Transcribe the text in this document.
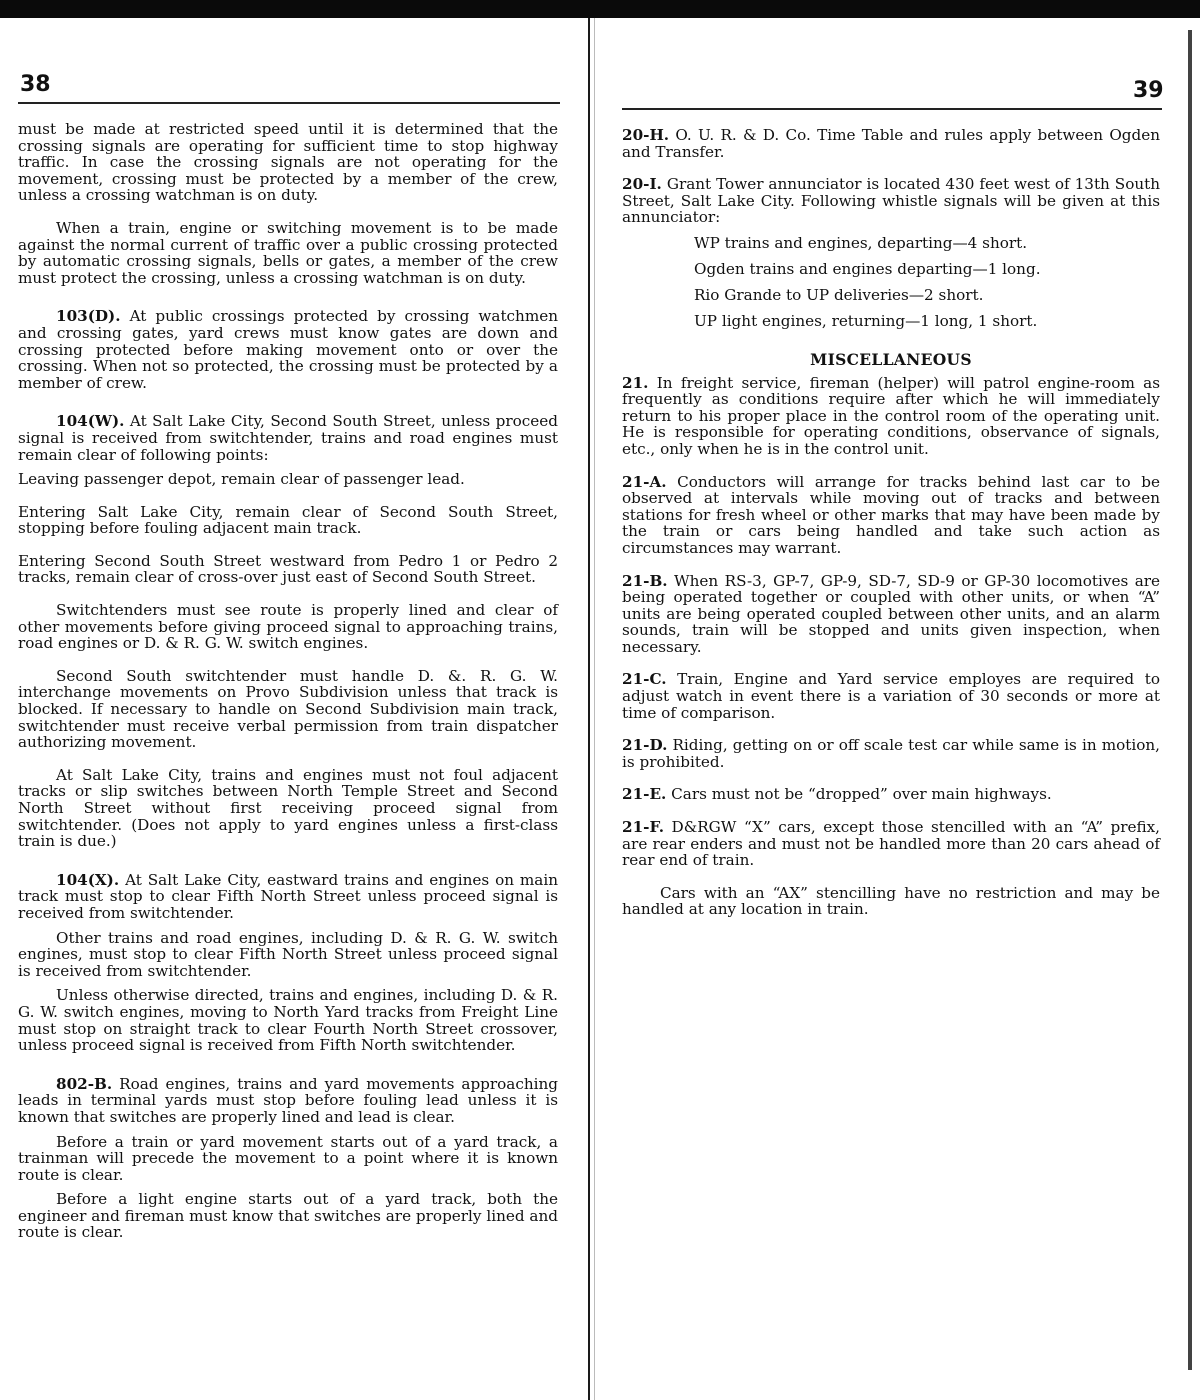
38

must be made at restricted speed until it is determined that the crossing signals are operating for sufficient time to stop highway traffic. In case the crossing signals are not operating for the movement, crossing must be protected by a member of the crew, unless a crossing watchman is on duty.

When a train, engine or switching movement is to be made against the normal current of traffic over a public crossing protected by automatic crossing signals, bells or gates, a member of the crew must protect the crossing, unless a crossing watchman is on duty.

103(D). At public crossings protected by crossing watchmen and crossing gates, yard crews must know gates are down and crossing protected before making movement onto or over the crossing. When not so protected, the crossing must be protected by a member of crew.

104(W). At Salt Lake City, Second South Street, unless proceed signal is received from switchtender, trains and road engines must remain clear of following points:

Leaving passenger depot, remain clear of passenger lead.

Entering Salt Lake City, remain clear of Second South Street, stopping before fouling adjacent main track.

Entering Second South Street westward from Pedro 1 or Pedro 2 tracks, remain clear of cross-over just east of Second South Street.

Switchtenders must see route is properly lined and clear of other movements before giving proceed signal to approaching trains, road engines or D. & R. G. W. switch engines.

Second South switchtender must handle D. &. R. G. W. interchange movements on Provo Subdivision unless that track is blocked. If necessary to handle on Second Subdivision main track, switchtender must receive verbal permission from train dispatcher authorizing movement.

At Salt Lake City, trains and engines must not foul adjacent tracks or slip switches between North Temple Street and Second North Street without first receiving proceed signal from switchtender. (Does not apply to yard engines unless a first-class train is due.)

104(X). At Salt Lake City, eastward trains and engines on main track must stop to clear Fifth North Street unless proceed signal is received from switchtender.

Other trains and road engines, including D. & R. G. W. switch engines, must stop to clear Fifth North Street unless proceed signal is received from switchtender.

Unless otherwise directed, trains and engines, including D. & R. G. W. switch engines, moving to North Yard tracks from Freight Line must stop on straight track to clear Fourth North Street crossover, unless proceed signal is received from Fifth North switchtender.

802-B. Road engines, trains and yard movements approaching leads in terminal yards must stop before fouling lead unless it is known that switches are properly lined and lead is clear.

Before a train or yard movement starts out of a yard track, a trainman will precede the movement to a point where it is known route is clear.

Before a light engine starts out of a yard track, both the engineer and fireman must know that switches are properly lined and route is clear.

39

20-H. O. U. R. & D. Co. Time Table and rules apply between Ogden and Transfer.

20-I. Grant Tower annunciator is located 430 feet west of 13th South Street, Salt Lake City. Following whistle signals will be given at this annunciator:

WP trains and engines, departing—4 short.
Ogden trains and engines departing—1 long.
Rio Grande to UP deliveries—2 short.
UP light engines, returning—1 long, 1 short.
MISCELLANEOUS

21. In freight service, fireman (helper) will patrol engine-room as frequently as conditions require after which he will immediately return to his proper place in the control room of the operating unit. He is responsible for operating conditions, observance of signals, etc., only when he is in the control unit.

21-A. Conductors will arrange for tracks behind last car to be observed at intervals while moving out of tracks and between stations for fresh wheel or other marks that may have been made by the train or cars being handled and take such action as circumstances may warrant.

21-B. When RS-3, GP-7, GP-9, SD-7, SD-9 or GP-30 locomotives are being operated together or coupled with other units, or when “A” units are being operated coupled between other units, and an alarm sounds, train will be stopped and units given inspection, when necessary.

21-C. Train, Engine and Yard service employes are required to adjust watch in event there is a variation of 30 seconds or more at time of comparison.

21-D. Riding, getting on or off scale test car while same is in motion, is prohibited.

21-E. Cars must not be “dropped” over main highways.

21-F. D&RGW “X” cars, except those stencilled with an “A” prefix, are rear enders and must not be handled more than 20 cars ahead of rear end of train.

Cars with an “AX” stencilling have no restriction and may be handled at any location in train.
